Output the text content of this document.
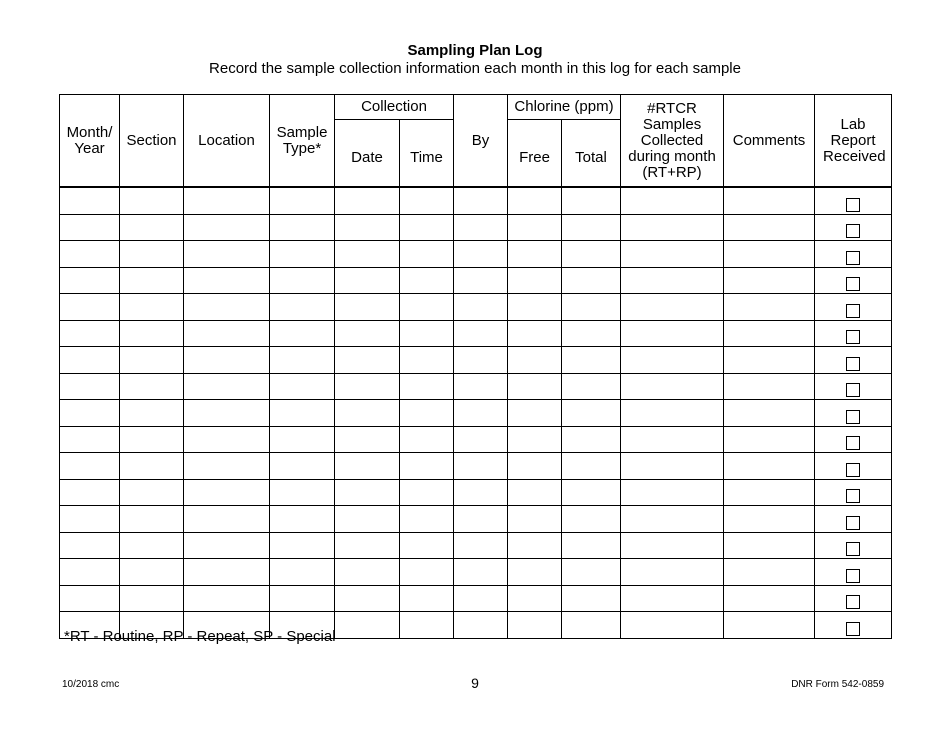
Sampling Plan Log
Record the sample collection information each month in this log for each sample
Month/ Year	Section	Location	Sample Type*	Collection		By	Chlorine (ppm)		#RTCR Samples Collected during month (RT+RP)	Comments	Lab Report Received
				Date	Time		Free	Total			

*RT - Routine, RP - Repeat, SP - Special
10/2018 cmc	9	DNR Form 542-0859
